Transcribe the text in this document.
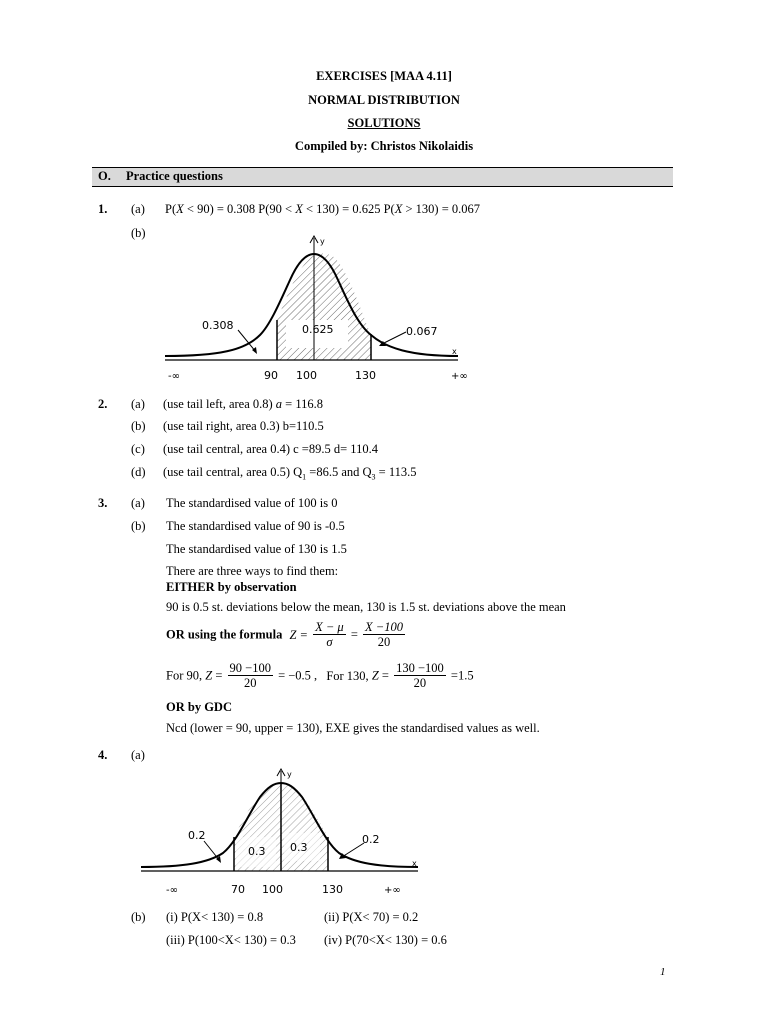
EXERCISES [MAA 4.11]
NORMAL DISTRIBUTION
SOLUTIONS
Compiled by: Christos Nikolaidis
O. Practice questions
1. (a) P(X < 90) = 0.308 P(90 < X < 130) = 0.625 P(X > 130) = 0.067
(b)
y
x
0.308	0.625	0.067
-∞	90 100	130	+∞
2. (a) (use tail left, area 0.8) a = 116.8
(b) (use tail right, area 0.3) b=110.5
(c) (use tail central, area 0.4) c =89.5 d= 110.4
(d) (use tail central, area 0.5) $Q_1 =86.5$ and $Q_3 = 113.5$
3. (a) The standardised value of 100 is 0
(b) The standardised value of 90 is -0.5
The standardised value of 130 is 1.5
There are three ways to find them:
EITHER by observation
90 is 0.5 st. deviations below the mean, 130 is 1.5 st. deviations above the mean
OR using the formula $Z = \frac{X - \mu}{\sigma} = \frac{X -100}{20}$
For 90, $Z = \frac{90 -100}{20} = -0.5$ , For 130, $Z = \frac{130 -100}{20} =1.5$
OR by GDC
Ncd (lower = 90, upper = 130), EXE gives the standardised values as well.
4. (a)
y
x
0.2
0.3 0.3
0.2
-∞	70 100	130	+∞
(b) (i) P(X< 130) = 0.8	(ii) P(X< 70) = 0.2
(iii) P(100<X< 130) = 0.3 (iv) P(70<X< 130) = 0.6
1
